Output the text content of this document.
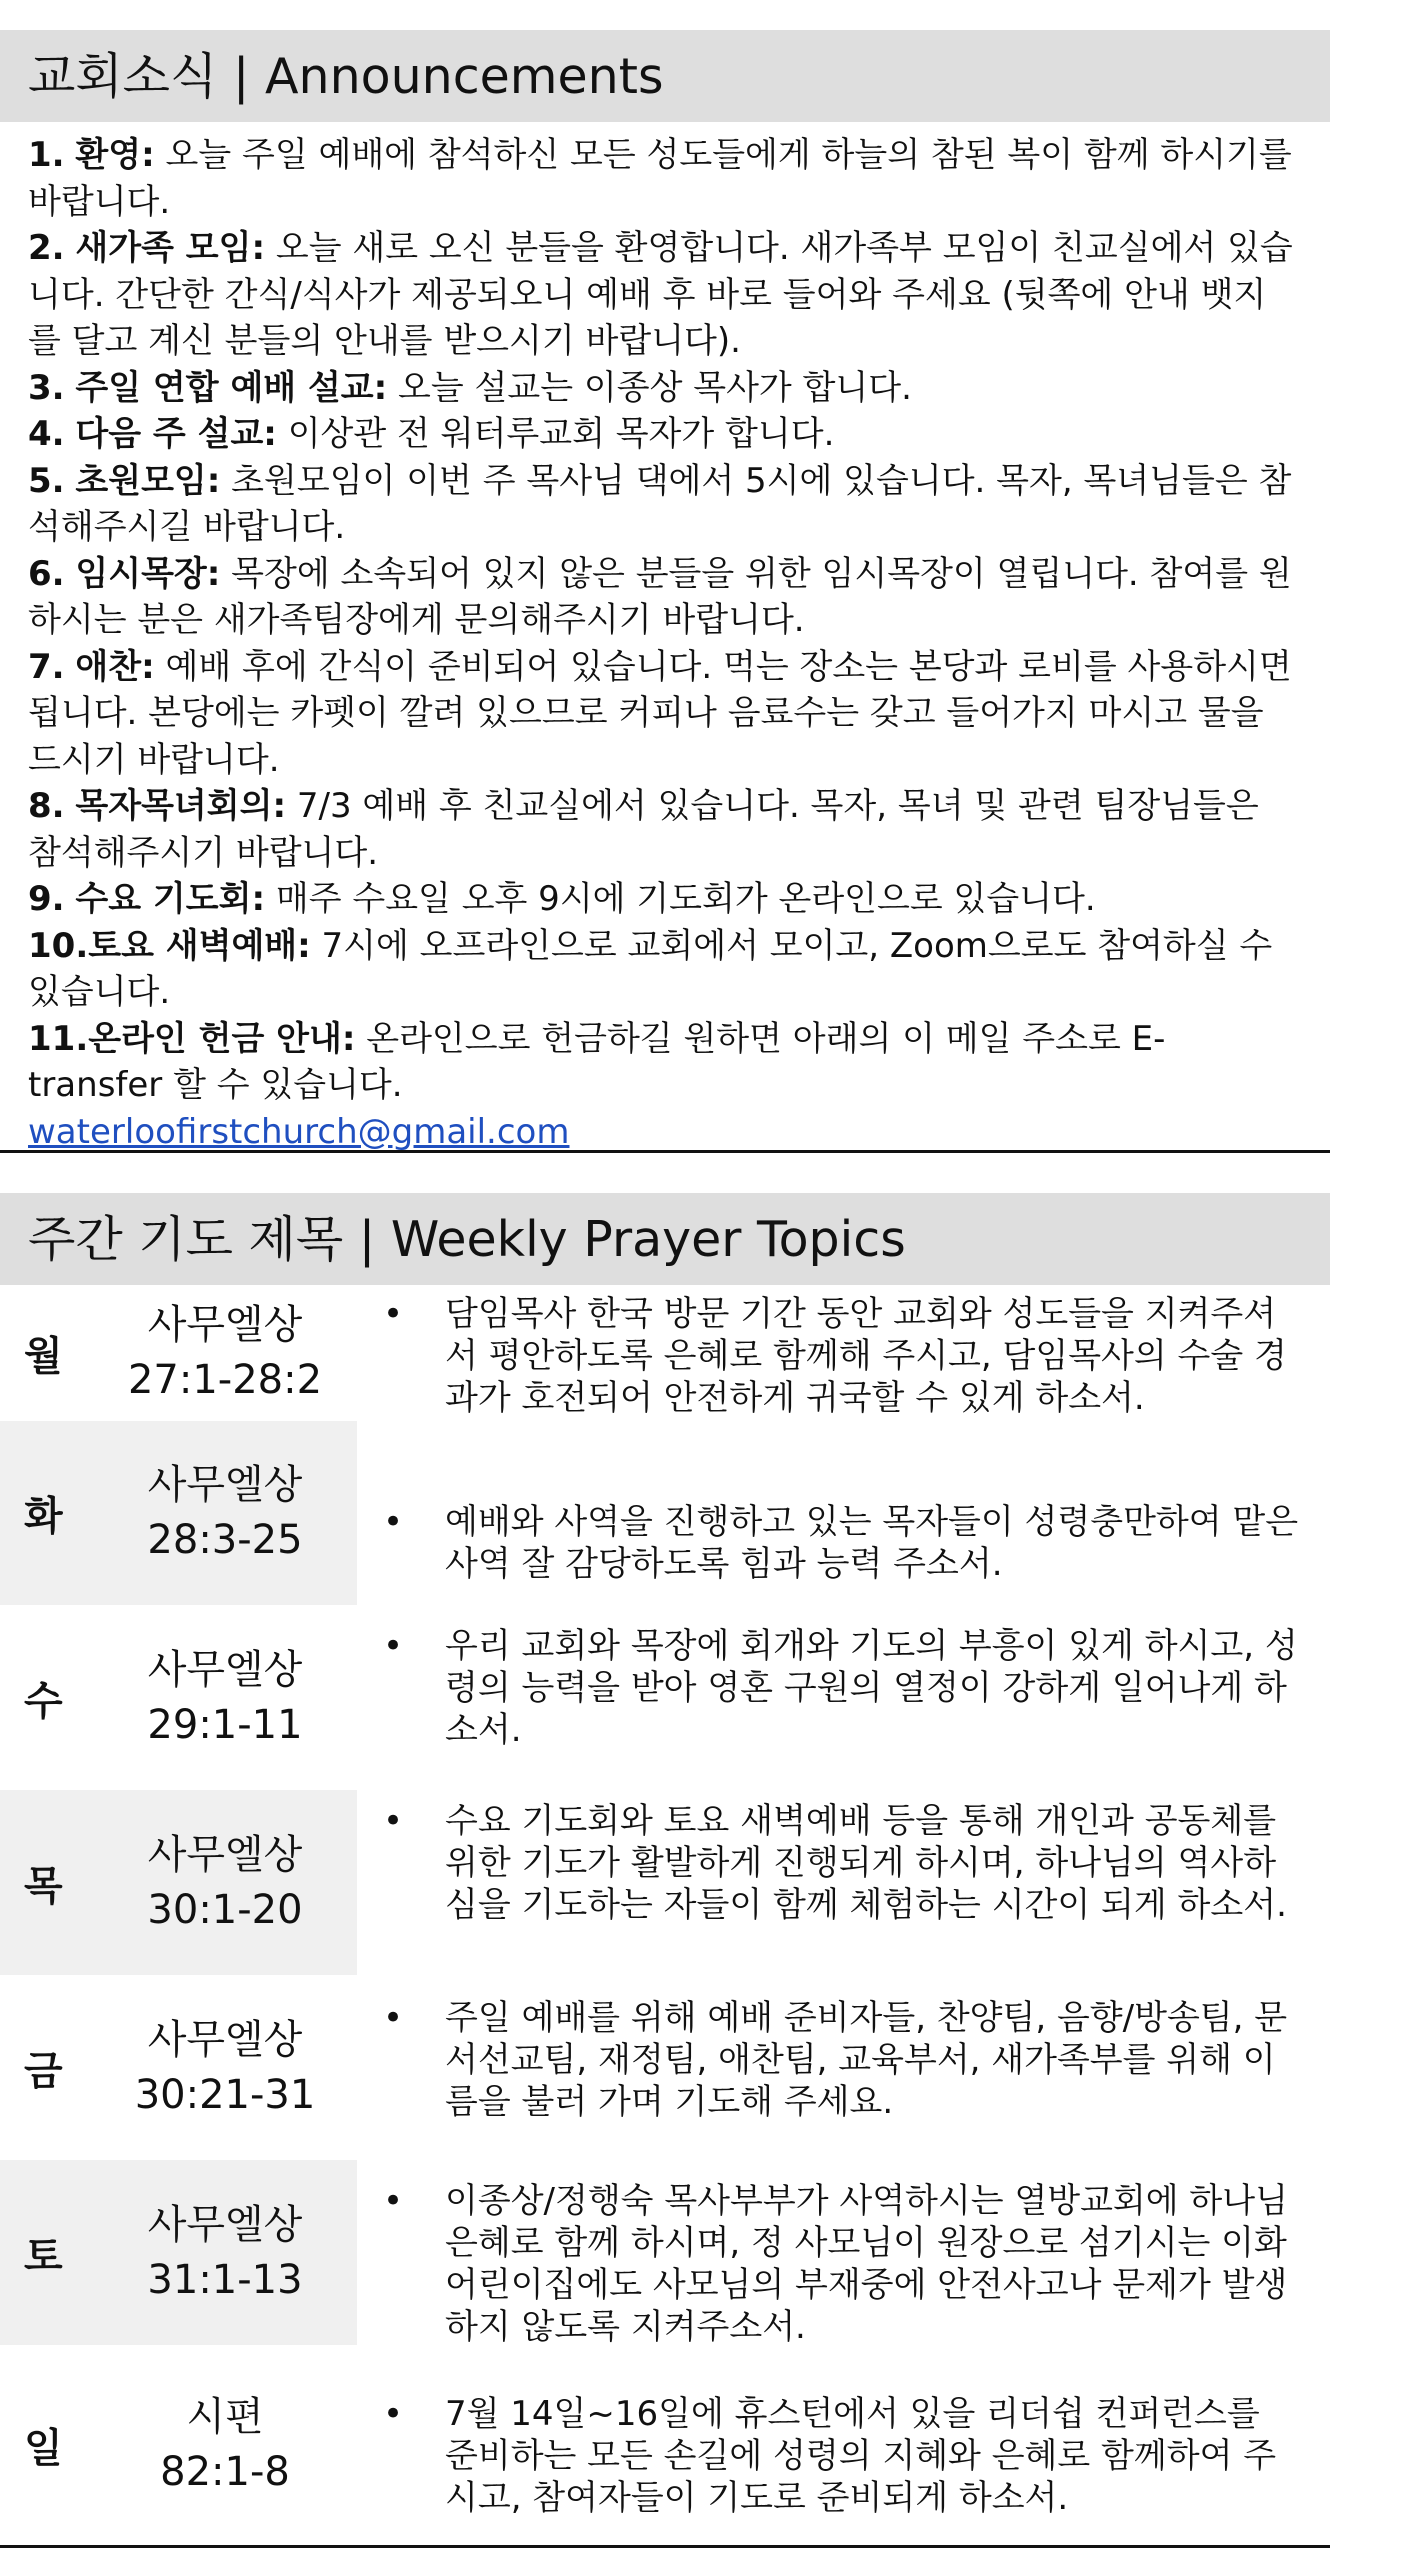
교회소식 | Announcements

1. 환영: 오늘 주일 예배에 참석하신 모든 성도들에게 하늘의 참된 복이 함께 하시기를 바랍니다.

2. 새가족 모임: 오늘 새로 오신 분들을 환영합니다. 새가족부 모임이 친교실에서 있습니다. 간단한 간식/식사가 제공되오니 예배 후 바로 들어와 주세요 (뒷쪽에 안내 뱃지를 달고 계신 분들의 안내를 받으시기 바랍니다).

3. 주일 연합 예배 설교: 오늘 설교는 이종상 목사가 합니다.

4. 다음 주 설교: 이상관 전 워터루교회 목자가 합니다.

5. 초원모임: 초원모임이 이번 주 목사님 댁에서 5시에 있습니다. 목자, 목녀님들은 참석해주시길 바랍니다.

6. 임시목장: 목장에 소속되어 있지 않은 분들을 위한 임시목장이 열립니다. 참여를 원하시는 분은 새가족팀장에게 문의해주시기 바랍니다.

7. 애찬: 예배 후에 간식이 준비되어 있습니다. 먹는 장소는 본당과 로비를 사용하시면 됩니다. 본당에는 카펫이 깔려 있으므로 커피나 음료수는 갖고 들어가지 마시고 물을 드시기 바랍니다.

8. 목자목녀회의: 7/3 예배 후 친교실에서 있습니다. 목자, 목녀 및 관련 팀장님들은 참석해주시기 바랍니다.

9. 수요 기도회: 매주 수요일 오후 9시에 기도회가 온라인으로 있습니다.

10.토요 새벽예배: 7시에 오프라인으로 교회에서 모이고, Zoom으로도 참여하실 수 있습니다.

11.온라인 헌금 안내: 온라인으로 헌금하길 원하면 아래의 이 메일 주소로 E-transfer 할 수 있습니다.

waterloofirstchurch@gmail.com
주간 기도 제목 | Weekly Prayer Topics
월
사무엘상
27:1-28:2
• 담임목사 한국 방문 기간 동안 교회와 성도들을 지켜주셔서 평안하도록 은혜로 함께해 주시고, 담임목사의 수술 경과가 호전되어 안전하게 귀국할 수 있게 하소서.
화
사무엘상
28:3-25	• 예배와 사역을 진행하고 있는 목자들이 성령충만하여 맡은 사역 잘 감당하도록 힘과 능력 주소서.
수
사무엘상
29:1-11
• 우리 교회와 목장에 회개와 기도의 부흥이 있게 하시고, 성령의 능력을 받아 영혼 구원의 열정이 강하게 일어나게 하소서.
목
사무엘상
30:1-20
• 수요 기도회와 토요 새벽예배 등을 통해 개인과 공동체를 위한 기도가 활발하게 진행되게 하시며, 하나님의 역사하심을 기도하는 자들이 함께 체험하는 시간이 되게 하소서.
금
사무엘상
30:21-31
• 주일 예배를 위해 예배 준비자들, 찬양팀, 음향/방송팀, 문서선교팀, 재정팀, 애찬팀, 교육부서, 새가족부를 위해 이름을 불러 가며 기도해 주세요.
토
사무엘상
31:1-13
• 이종상/정행숙 목사부부가 사역하시는 열방교회에 하나님 은혜로 함께 하시며, 정 사모님이 원장으로 섬기시는 이화어린이집에도 사모님의 부재중에 안전사고나 문제가 발생하지 않도록 지켜주소서.
일
시편
82:1-8
• 7월 14일~16일에 휴스턴에서 있을 리더쉽 컨퍼런스를 준비하는 모든 손길에 성령의 지혜와 은혜로 함께하여 주시고, 참여자들이 기도로 준비되게 하소서.
